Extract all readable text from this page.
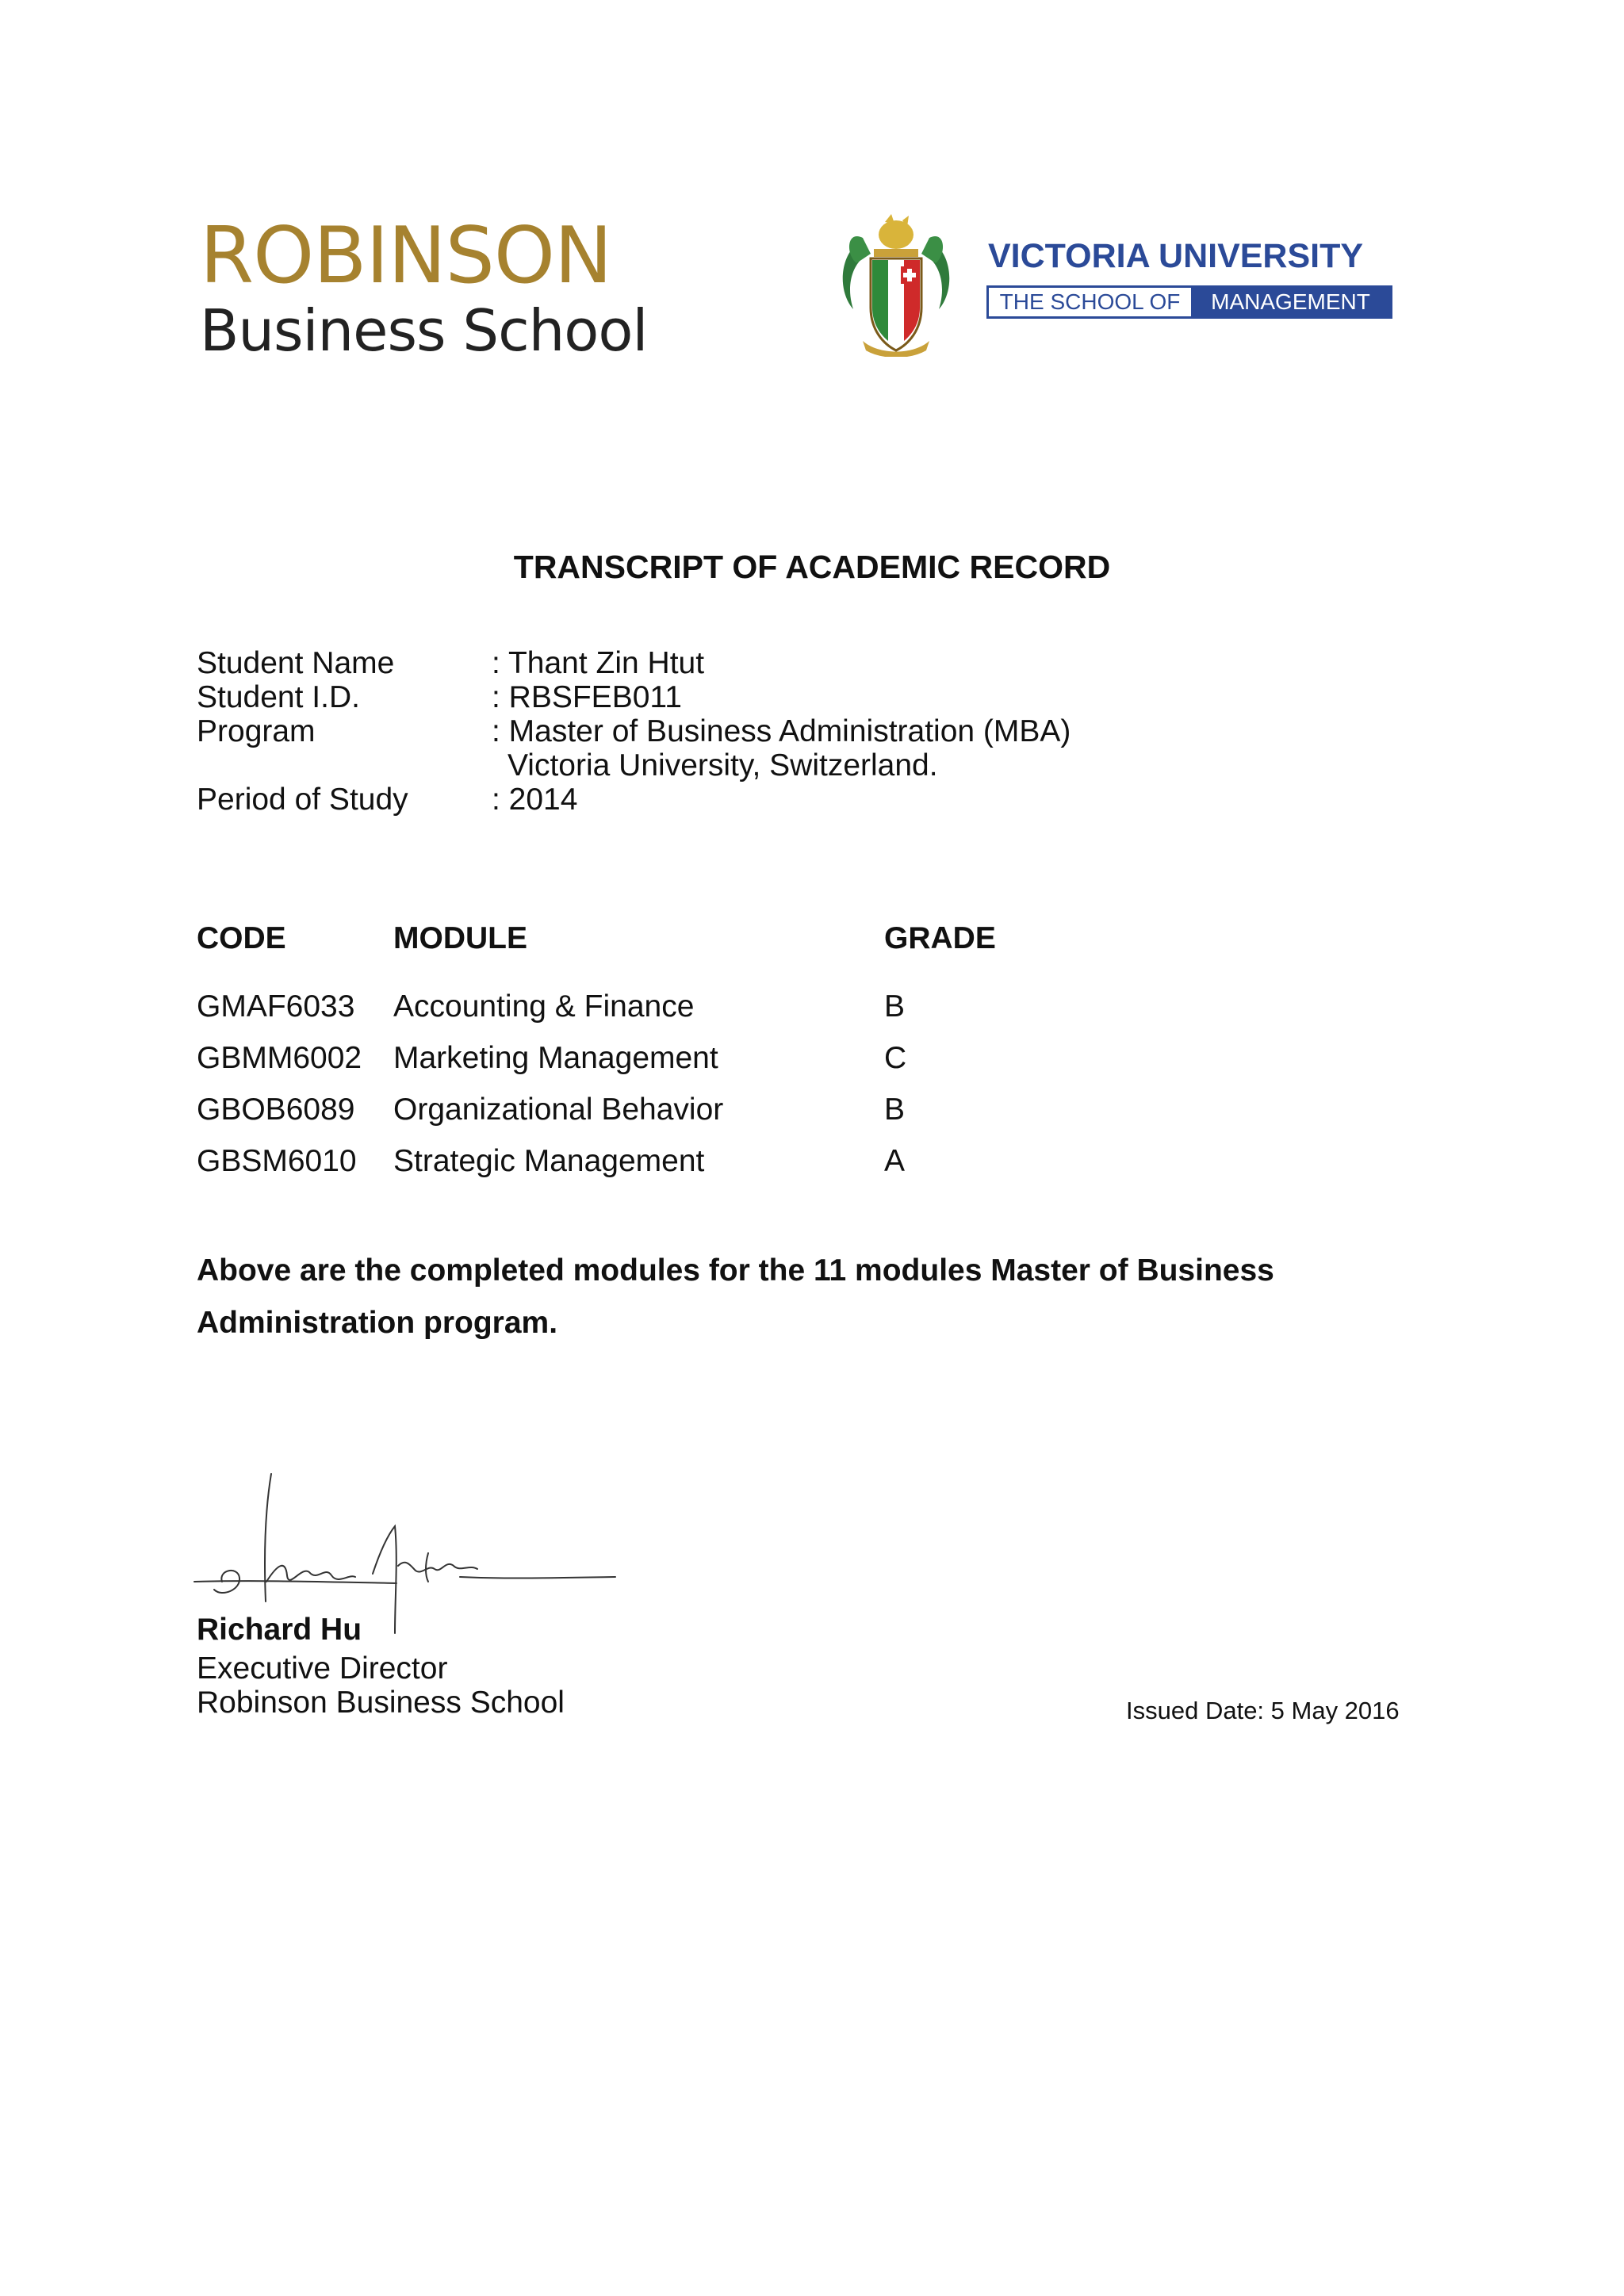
ROBINSON
Business School
VICTORIA UNIVERSITY
THE SCHOOL OF	MANAGEMENT
TRANSCRIPT OF ACADEMIC RECORD
Student Name	: Thant Zin Htut
Student I.D.	: RBSFEB011
Program	: Master of Business Administration (MBA)
Victoria University, Switzerland.
Period of Study	: 2014
CODE	MODULE	GRADE
GMAF6033 Accounting & Finance	B
GBMM6002 Marketing Management	C
GBOB6089 Organizational Behavior	B
GBSM6010 Strategic Management	A
Above are the completed modules for the 11 modules Master of Business Administration program.
Richard Hu
Executive Director
Robinson Business School	Issued Date: 5 May 2016
